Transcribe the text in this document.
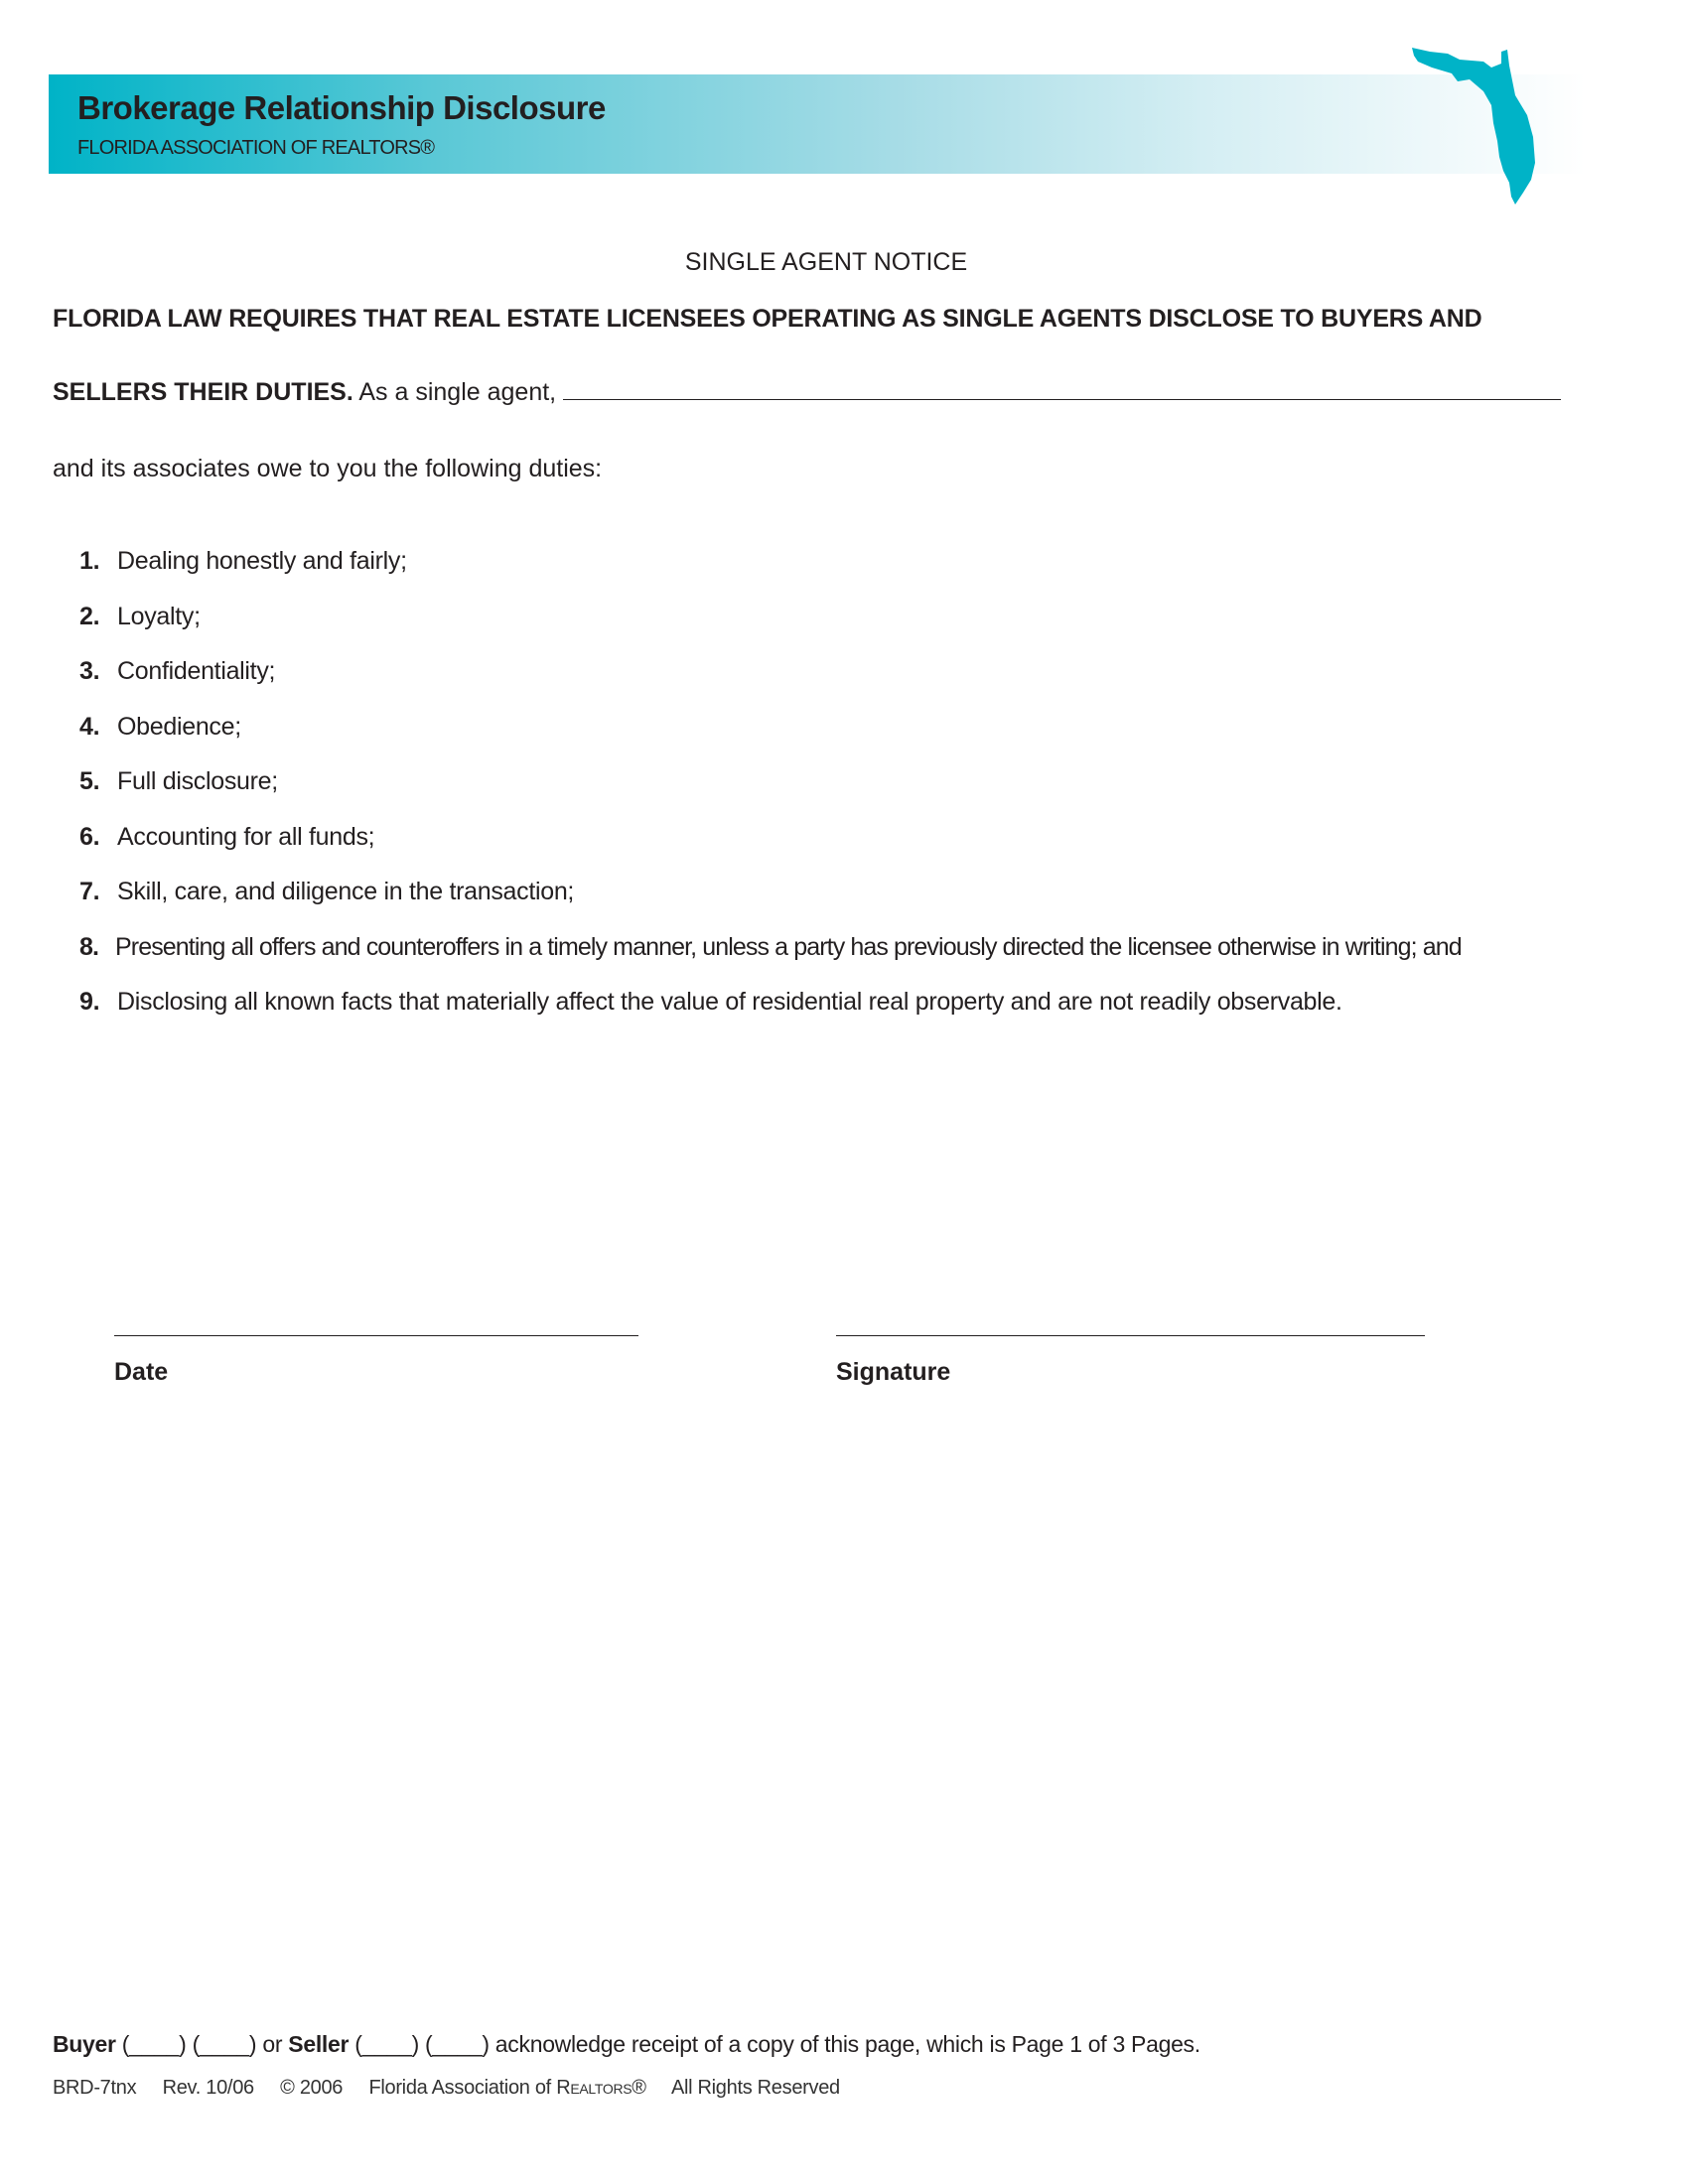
Brokerage Relationship Disclosure
FLORIDA ASSOCIATION OF REALTORS®
SINGLE AGENT NOTICE
FLORIDA LAW REQUIRES THAT REAL ESTATE LICENSEES OPERATING AS SINGLE AGENTS DISCLOSE TO BUYERS AND
SELLERS THEIR DUTIES. As a single agent,
and its associates owe to you the following duties:
1. Dealing honestly and fairly;
2. Loyalty;
3. Confidentiality;
4. Obedience;
5. Full disclosure;
6. Accounting for all funds;
7. Skill, care, and diligence in the transaction;
8. Presenting all offers and counteroffers in a timely manner, unless a party has previously directed the licensee otherwise in writing; and
9. Disclosing all known facts that materially affect the value of residential real property and are not readily observable.
Date	Signature
Buyer (____) (____) or Seller (____) (____) acknowledge receipt of a copy of this page, which is Page 1 of 3 Pages.
BRD-7tnx Rev. 10/06 © 2006 Florida Association of Realtors® All Rights Reserved
